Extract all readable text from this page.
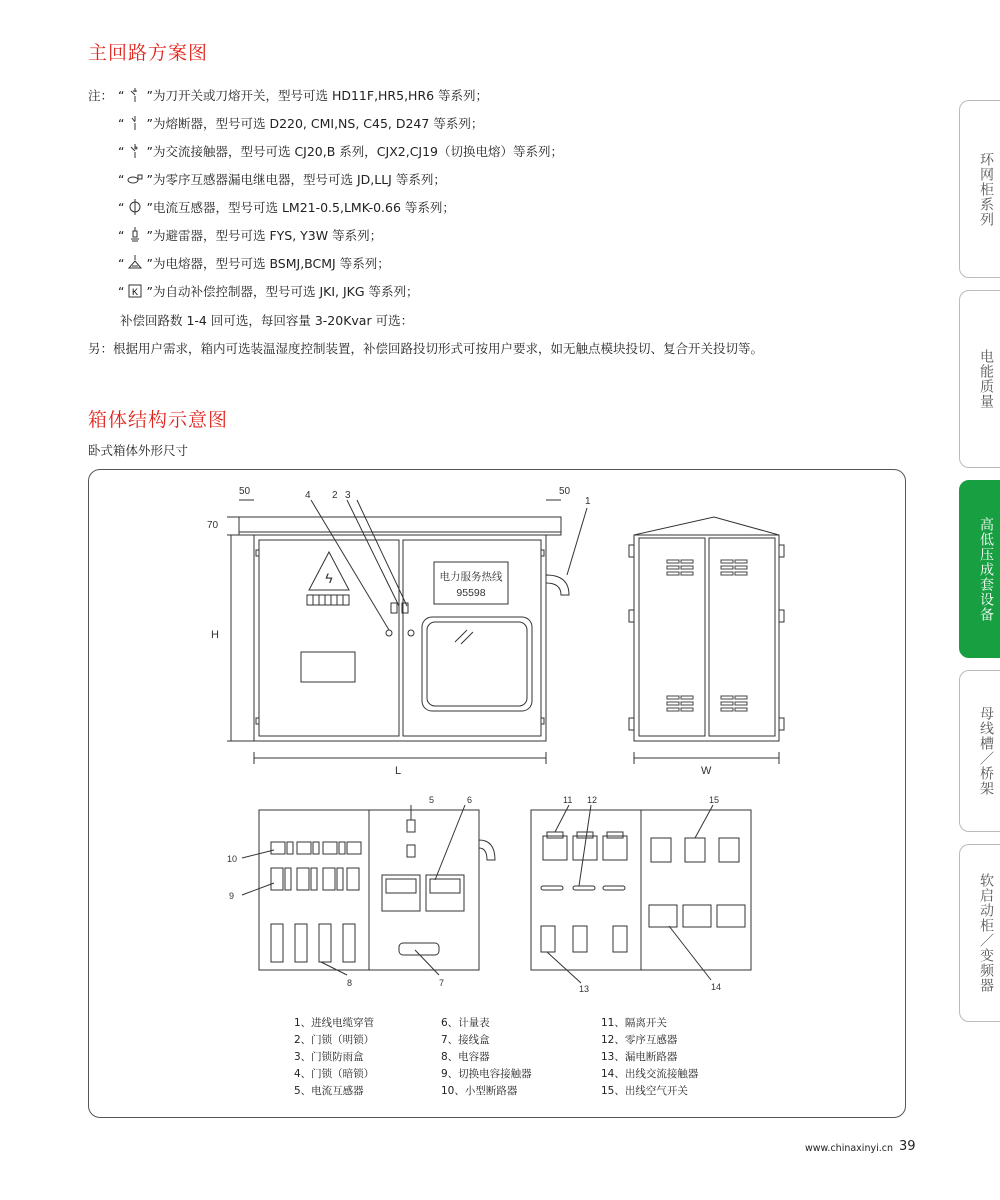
主回路方案图
注： “ ” 为刀开关或刀熔开关，型号可选 HD11F,HR5,HR6 等系列；
“ ” 为熔断器，型号可选 D220, CMI,NS, C45, D247 等系列；
“ ” 为交流接触器，型号可选 CJ20,B 系列，CJX2,CJ19（切换电熔）等系列；
“ ” 为零序互感器漏电继电器，型号可选 JD,LLJ 等系列；
“ ” 电流互感器，型号可选 LM21-0.5,LMK-0.66 等系列；
“ ” 为避雷器，型号可选 FYS, Y3W 等系列；
“ ” 为电熔器，型号可选 BSMJ,BCMJ 等系列；
“ K ” 为自动补偿控制器，型号可选 JKI, JKG 等系列；
补偿回路数 1-4 回可选，每回容量 3-20Kvar 可选：
另：根据用户需求，箱内可选装温湿度控制装置，补偿回路投切形式可按用户要求，如无触点模块投切、复合开关投切等。
箱体结构示意图
卧式箱体外形尺寸
ϟ	电力服务热线
95598
50	50
70
H
L
4 2 3
1
W
5	6
10
9
8	7
11 12	15
13	14
1、进线电缆穿管
2、门锁（明锁）
3、门锁防雨盒
4、门锁（暗锁）
5、电流互感器
6、计量表
7、接线盒
8、电容器
9、切换电容接触器
10、小型断路器
11、隔离开关
12、零序互感器
13、漏电断路器
14、出线交流接触器
15、出线空气开关
www.chinaxinyi.cn 39
环网柜系列
电能质量
高低压成套设备
母线槽／桥架
软启动柜／变频器
